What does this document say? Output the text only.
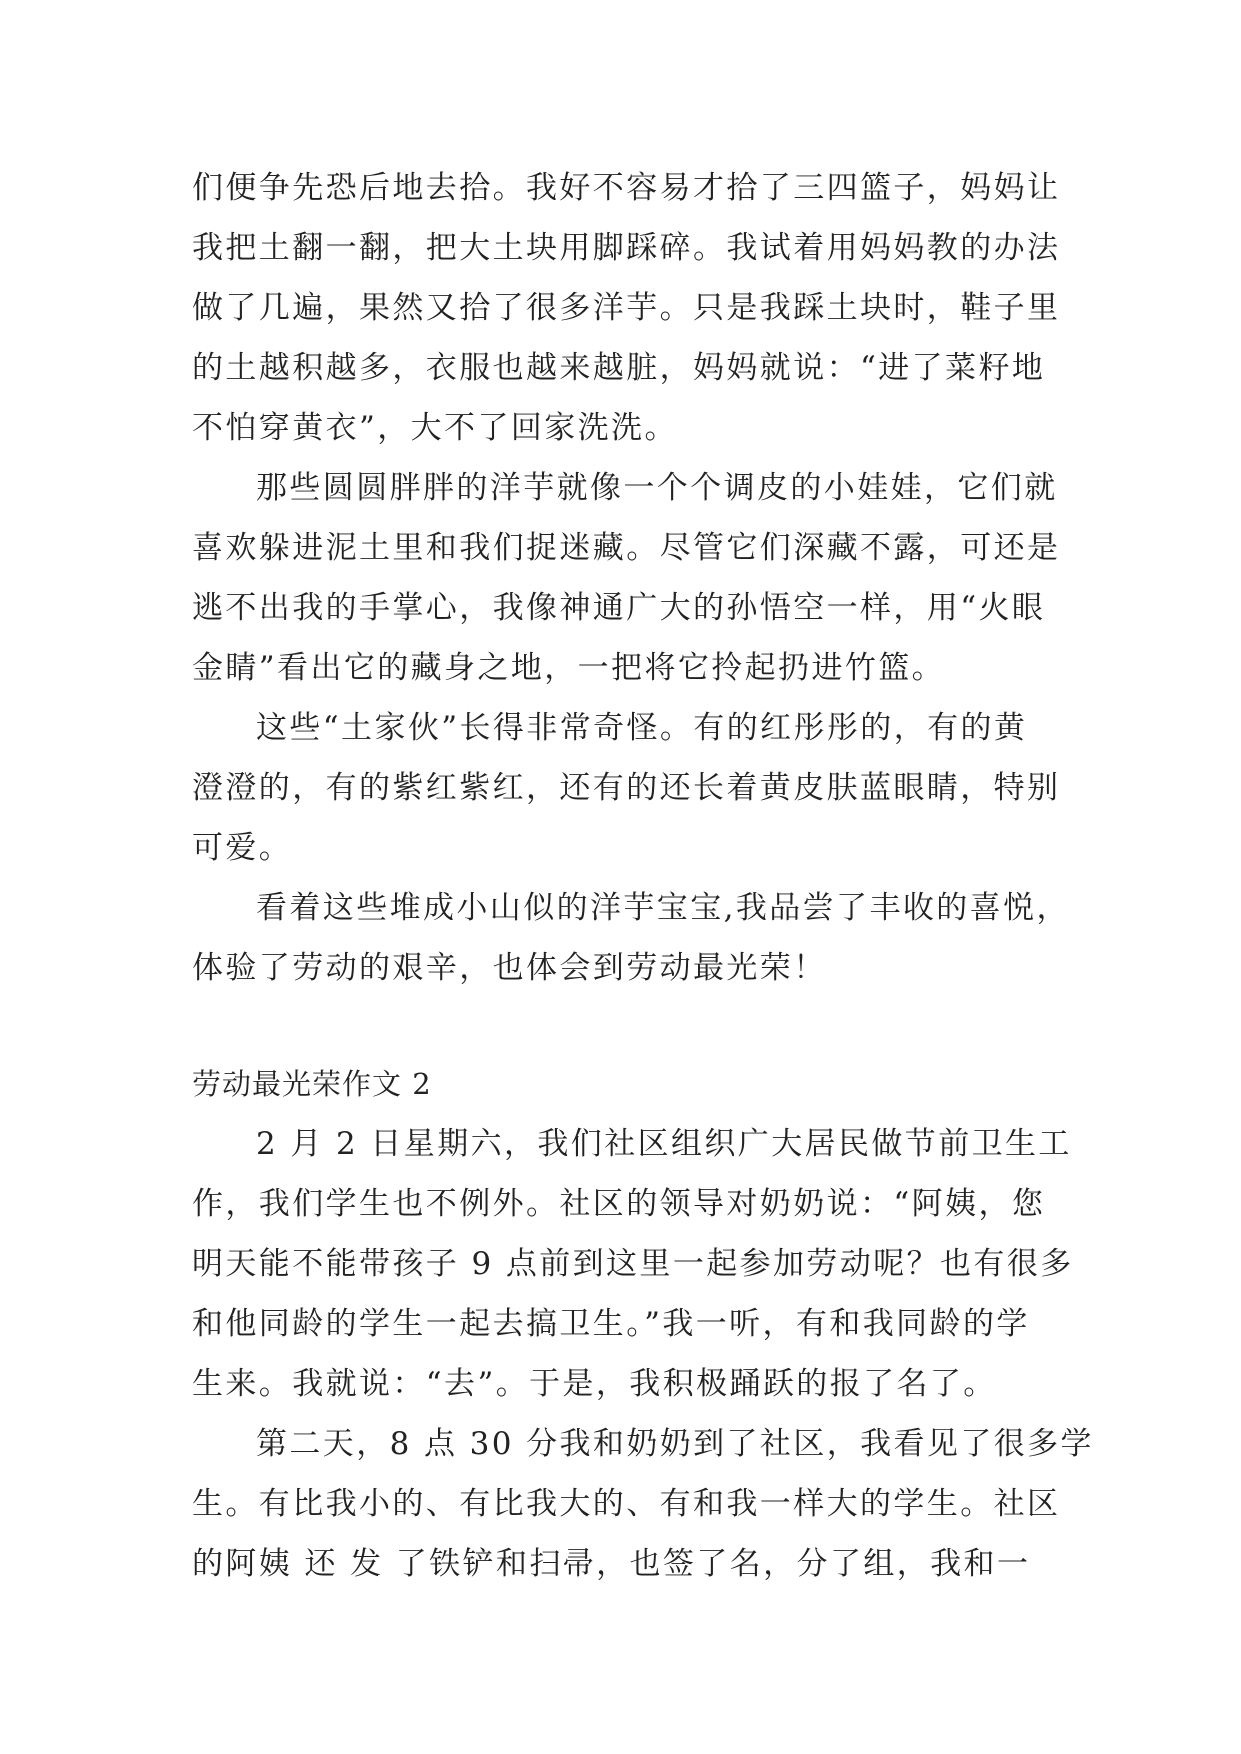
们便争先恐后地去拾。我好不容易才拾了三四篮子，妈妈让
我把土翻一翻，把大土块用脚踩碎。我试着用妈妈教的办法
做了几遍，果然又拾了很多洋芋。只是我踩土块时，鞋子里
的土越积越多，衣服也越来越脏，妈妈就说：“进了菜籽地
不怕穿黄衣”，大不了回家洗洗。
那些圆圆胖胖的洋芋就像一个个调皮的小娃娃，它们就
喜欢躲进泥土里和我们捉迷藏。尽管它们深藏不露，可还是
逃不出我的手掌心，我像神通广大的孙悟空一样，用“火眼
金睛”看出它的藏身之地，一把将它拎起扔进竹篮。
这些“土家伙”长得非常奇怪。有的红彤彤的，有的黄
澄澄的，有的紫红紫红，还有的还长着黄皮肤蓝眼睛，特别
可爱。
看着这些堆成小山似的洋芋宝宝,我品尝了丰收的喜悦，
体验了劳动的艰辛，也体会到劳动最光荣！
劳动最光荣作文 2
2 月 2 日星期六，我们社区组织广大居民做节前卫生工
作，我们学生也不例外。社区的领导对奶奶说：“阿姨，您
明天能不能带孩子 9 点前到这里一起参加劳动呢？也有很多
和他同龄的学生一起去搞卫生。”我一听，有和我同龄的学
生来。我就说：“去”。于是，我积极踊跃的报了名了。
第二天，8 点 30 分我和奶奶到了社区，我看见了很多学
生。有比我小的、有比我大的、有和我一样大的学生。社区
的阿姨 还 发 了铁铲和扫帚，也签了名，分了组，我和一
